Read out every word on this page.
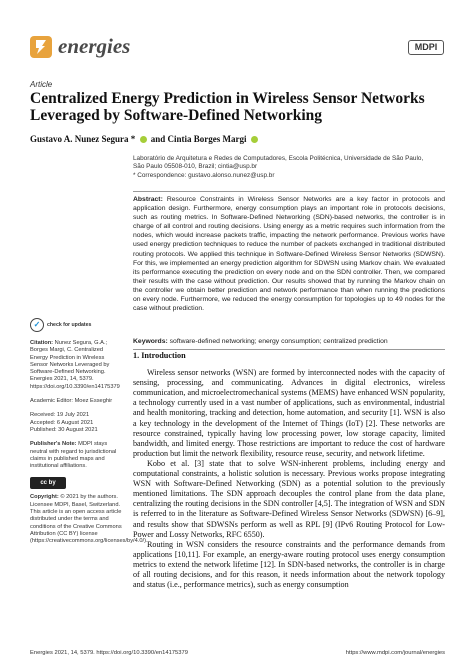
energies	MDPI
Article
Centralized Energy Prediction in Wireless Sensor Networks Leveraged by Software-Defined Networking
Gustavo A. Nunez Segura * and Cintia Borges Margi
Laboratório de Arquitetura e Redes de Computadores, Escola Politécnica, Universidade de São Paulo,
São Paulo 05508-010, Brazil; cintia@usp.br
* Correspondence: gustavo.alonso.nunez@usp.br
Abstract: Resource Constraints in Wireless Sensor Networks are a key factor in protocols and application design. Furthermore, energy consumption plays an important role in protocols decisions, such as routing metrics. In Software-Defined Networking (SDN)-based networks, the controller is in charge of all control and routing decisions. Using energy as a metric requires such information from the nodes, which would increase packets traffic, impacting the network performance. Previous works have used energy prediction techniques to reduce the number of packets exchanged in traditional distributed routing protocols. We applied this technique in Software-Defined Wireless Sensor Networks (SDWSN). For this, we implemented an energy prediction algorithm for SDWSN using Markov chain. We evaluated its performance executing the prediction on every node and on the SDN controller. Then, we compared their results with the case without prediction. Our results showed that by running the Markov chain on the controller we obtain better prediction and network performance than when running the predictions on every node. Furthermore, we reduced the energy consumption for topologies up to 49 nodes for the case without prediction.
Keywords: software-defined networking; energy consumption; centralized prediction
✓	check for updates

Citation: Nunez Segura, G.A.; Borges Margi, C. Centralized Energy Prediction in Wireless Sensor Networks Leveraged by Software-Defined Networking. Energies 2021, 14, 5379. https://doi.org/10.3390/en14175379

Academic Editor: Moez Esseghir

Received: 19 July 2021
Accepted: 6 August 2021
Published: 30 August 2021

Publisher's Note: MDPI stays neutral with regard to jurisdictional claims in published maps and institutional affiliations.

cc by

Copyright: © 2021 by the authors. Licensee MDPI, Basel, Switzerland. This article is an open access article distributed under the terms and conditions of the Creative Commons Attribution (CC BY) license (https://creativecommons.org/licenses/by/4.0/).

1. Introduction

Wireless sensor networks (WSN) are formed by interconnected nodes with the capacity of sensing, processing, and communicating. Advances in digital electronics, wireless communication, and microelectromechanical systems (MEMS) have enhanced WSN popularity, a technology currently used in a vast number of applications, such as environmental, industrial and health monitoring, tracking and detection, home automation, and security [1]. WSN is also a key technology in the development of the Internet of Things (IoT) [2]. These networks are resource constrained, typically having low processing power, low storage capacity, limited bandwidth, and limited energy. Those restrictions are important to reduce the cost of hardware production but limit the network flexibility, resource reuse, security, and network lifetime.

Kobo et al. [3] state that to solve WSN-inherent problems, including energy and computational constraints, a holistic solution is necessary. Previous works propose integrating WSN with Software-Defined Networking (SDN) as a potential solution to the previously mentioned limitations. The SDN approach decouples the control plane from the data plane, centralizing the routing decisions in the SDN controller [4,5]. The integration of WSN and SDN is referred to in the literature as Software-Defined Wireless Sensor Networks (SDWSN) [6–9], and results show that SDWSNs perform as well as RPL [9] (IPv6 Routing Protocol for Low-Power and Lossy Networks, RFC 6550).

Routing in WSN considers the resource constraints and the performance demands from applications [10,11]. For example, an energy-aware routing protocol uses energy consumption metrics to extend the network lifetime [12]. In SDN-based networks, the controller is in charge of all routing decisions, and for this reason, it needs information about the network topology and status (i.e., performance metrics), such as energy consumption

Energies 2021, 14, 5379. https://doi.org/10.3390/en14175379	https://www.mdpi.com/journal/energies
